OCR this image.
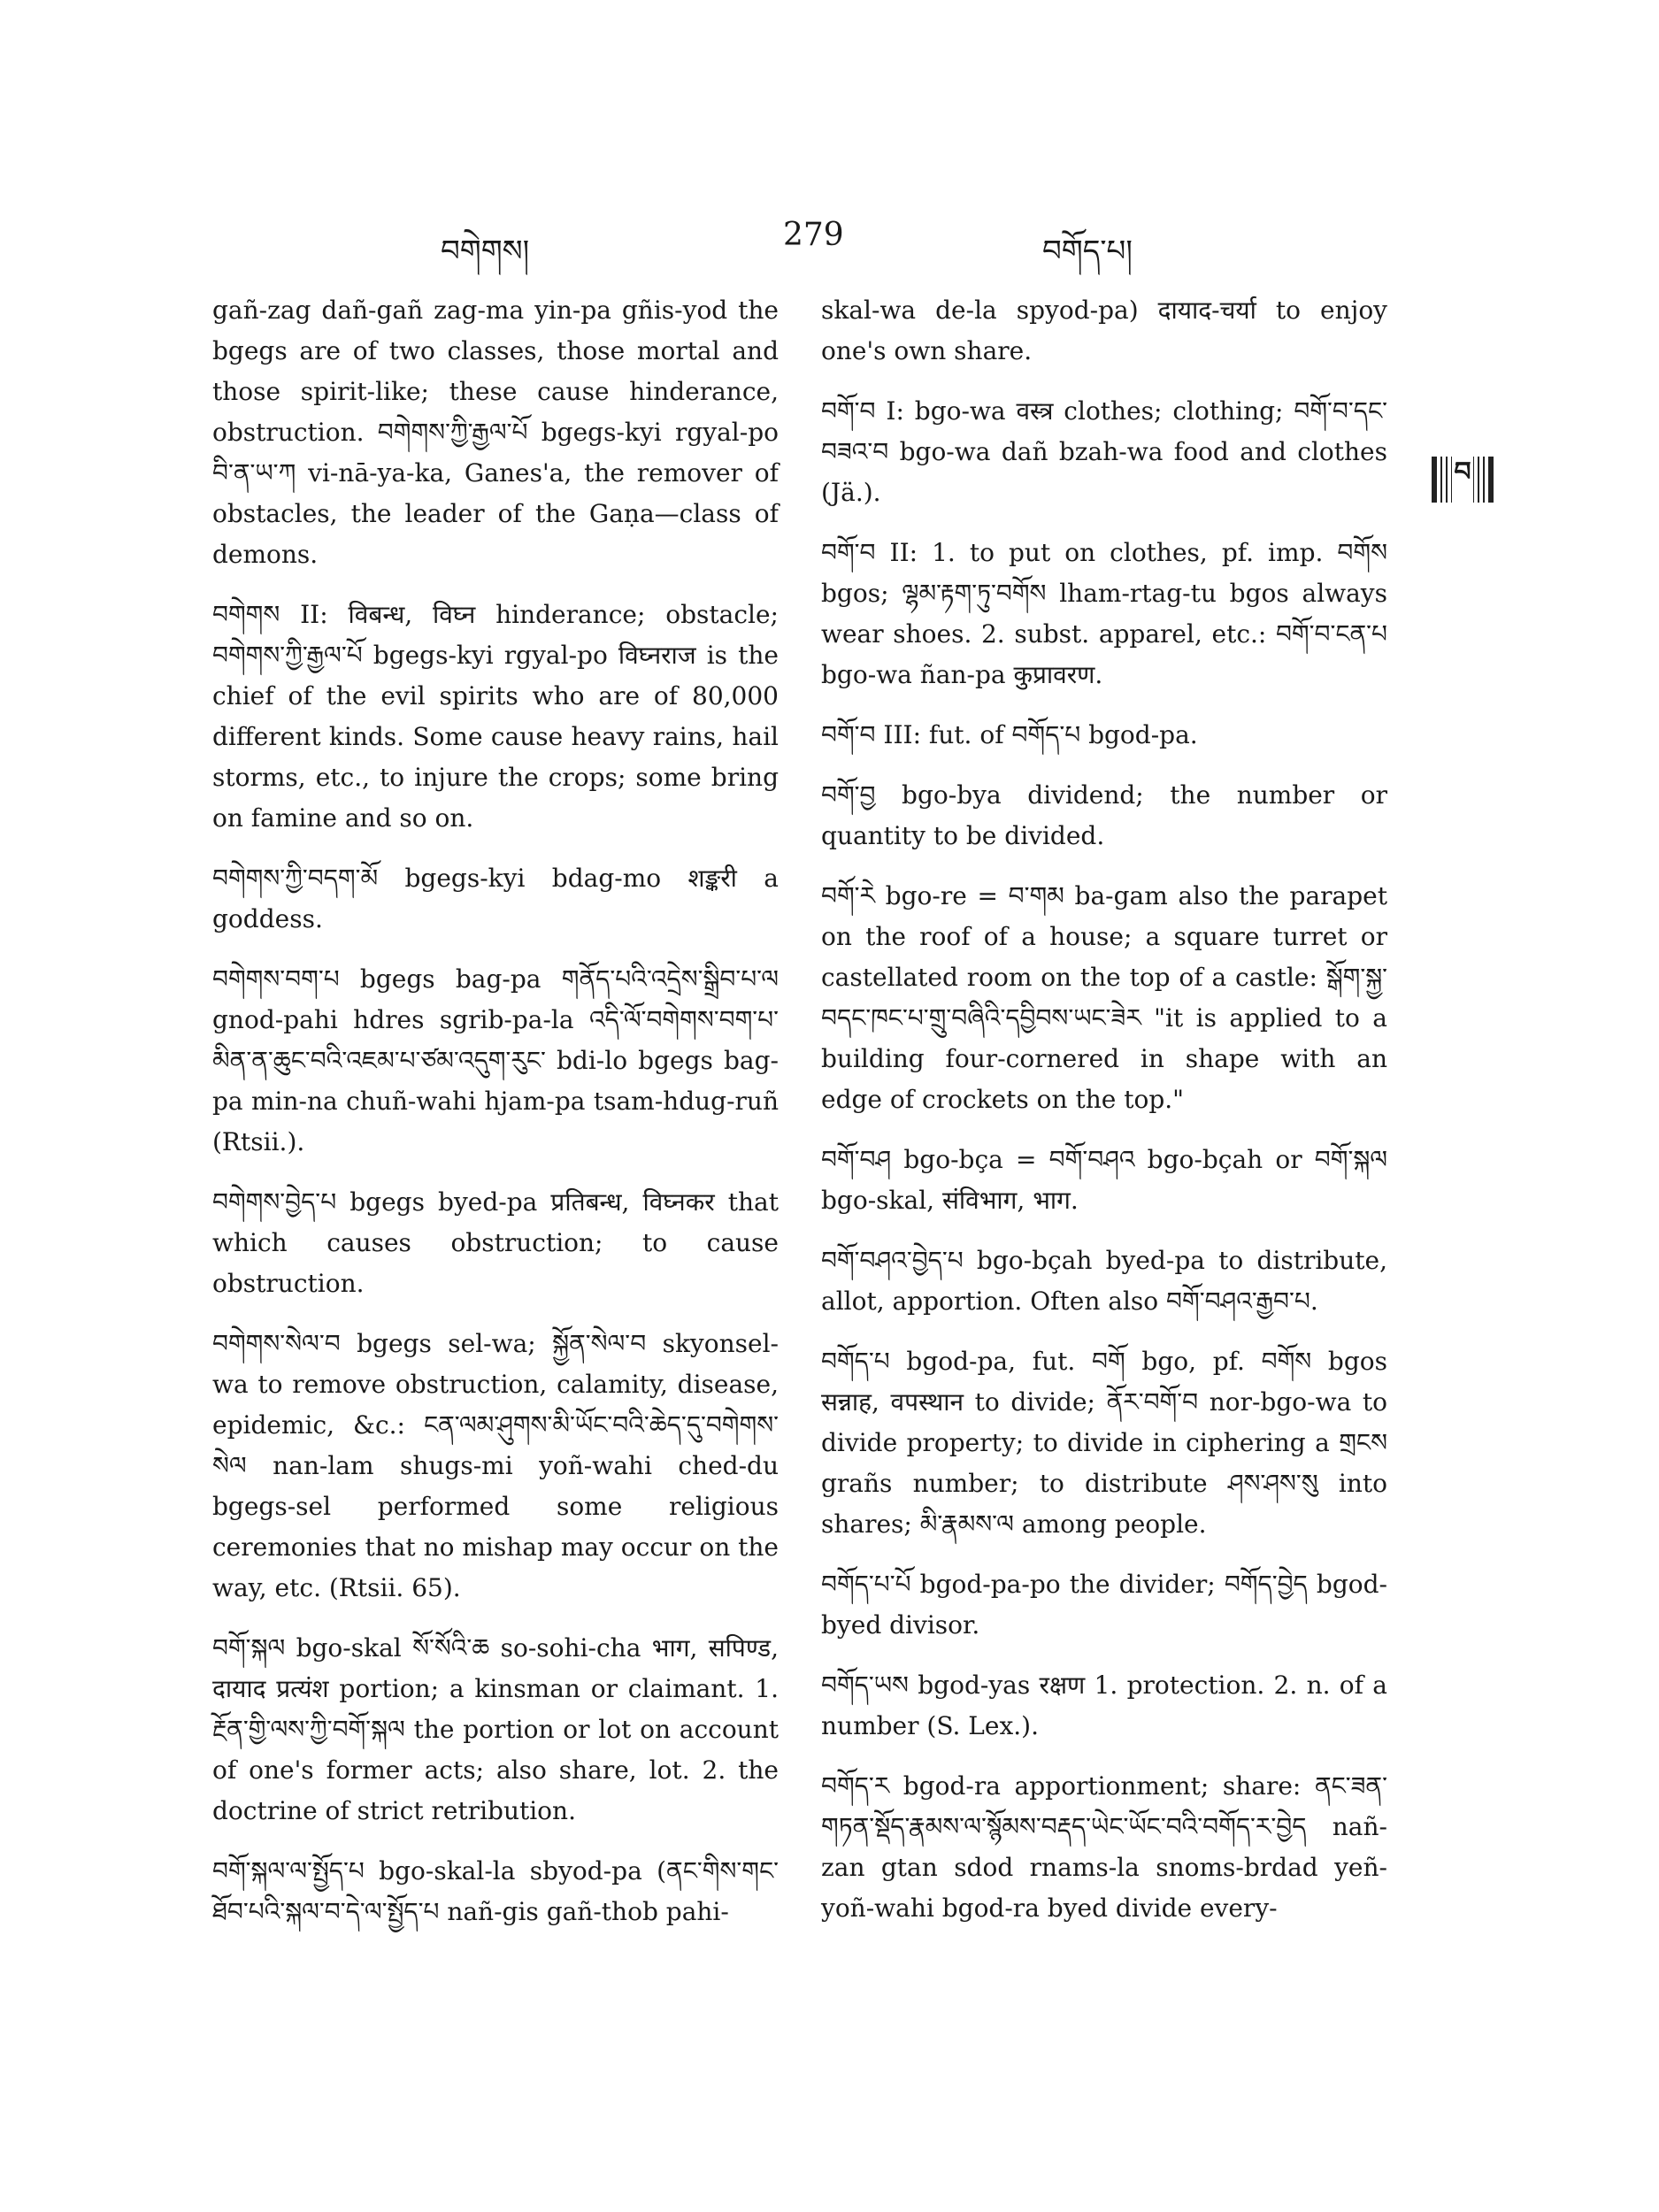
བགེགས།	279	བགོད་པ།
བ

gañ-zag dañ-gañ zag-ma yin-pa gñis-yod the bgegs are of two classes, those mortal and those spirit-like; these cause hinderance, obstruction. བགེགས་ཀྱི་རྒྱལ་པོ bgegs-kyi rgyal-po བི་ན་ཡ་ཀ vi-nā-ya-ka, Ganes'a, the remover of obstacles, the leader of the Gaṇa—class of demons.

བགེགས II: विबन्ध, विघ्न hinderance; obstacle; བགེགས་ཀྱི་རྒྱལ་པོ bgegs-kyi rgyal-po विघ्नराज is the chief of the evil spirits who are of 80,000 different kinds. Some cause heavy rains, hail storms, etc., to injure the crops; some bring on famine and so on.

བགེགས་ཀྱི་བདག་མོ bgegs-kyi bdag-mo शङ्करी a goddess.

བགེགས་བག་པ bgegs bag-pa གནོད་པའི་འདྲེས་སྒྲིབ་པ་ལ gnod-pahi hdres sgrib-pa-la འདི་ལོ་བགེགས་བག་པ་མིན་ན་ཆུང་བའི་འཇམ་པ་ཙམ་འདུག་རུང་ bdi-lo bgegs bag-pa min-na chuñ-wahi hjam-pa tsam-hdug-ruñ (Rtsii.).

བགེགས་བྱེད་པ bgegs byed-pa प्रतिबन्ध, विघ्नकर that which causes obstruction; to cause obstruction.

བགེགས་སེལ་བ bgegs sel-wa; སྐྱོན་སེལ་བ skyonsel-wa to remove obstruction, calamity, disease, epidemic, &c.: ངན་ལམ་ཤུགས་མི་ཡོང་བའི་ཆེད་དུ་བགེགས་སེལ nan-lam shugs-mi yoñ-wahi ched-du bgegs-sel performed some religious ceremonies that no mishap may occur on the way, etc. (Rtsii. 65).

བགོ་སྐལ bgo-skal སོ་སོའི་ཆ so-sohi-cha भाग, सपिण्ड, दायाद प्रत्यंश portion; a kinsman or claimant. 1. རྔོན་གྱི་ལས་ཀྱི་བགོ་སྐལ the portion or lot on account of one's former acts; also share, lot. 2. the doctrine of strict retribution.

བགོ་སྐལ་ལ་སྤྱོད་པ bgo-skal-la sbyod-pa (ནང་གིས་གང་ཐོབ་པའི་སྐལ་བ་དེ་ལ་སྤྱོད་པ nañ-gis gañ-thob pahi-

skal-wa de-la spyod-pa) दायाद-चर्या to enjoy one's own share.

བགོ་བ I: bgo-wa वस्त्र clothes; clothing; བགོ་བ་དང་བཟའ་བ bgo-wa dañ bzah-wa food and clothes (Jä.).

བགོ་བ II: 1. to put on clothes, pf. imp. བགོས bgos; ལྷམ་རྟག་ཏུ་བགོས lham-rtag-tu bgos always wear shoes. 2. subst. apparel, etc.: བགོ་བ་ངན་པ bgo-wa ñan-pa कुप्रावरण.

བགོ་བ III: fut. of བགོད་པ bgod-pa.

བགོ་བྱ bgo-bya dividend; the number or quantity to be divided.

བགོ་རེ bgo-re = བ་གམ ba-gam also the parapet on the roof of a house; a square turret or castellated room on the top of a castle: སྒོག་སྐྱ་བདང་ཁང་པ་གྲུ་བཞིའི་དབྱིབས་ཡང་ཟེར "it is applied to a building four-cornered in shape with an edge of crockets on the top."

བགོ་བཤ bgo-bça = བགོ་བཤའ bgo-bçah or བགོ་སྐལ bgo-skal, संविभाग, भाग.

བགོ་བཤའ་བྱེད་པ bgo-bçah byed-pa to distribute, allot, apportion. Often also བགོ་བཤའ་རྒྱབ་པ.

བགོད་པ bgod-pa, fut. བགོ bgo, pf. བགོས bgos सन्नाह, वपस्थान to divide; ནོར་བགོ་བ nor-bgo-wa to divide property; to divide in ciphering a གྲངས grañs number; to distribute ཤས་ཤས་སུ into shares; མི་རྣམས་ལ among people.

བགོད་པ་པོ bgod-pa-po the divider; བགོད་བྱེད bgod-byed divisor.

བགོད་ཡས bgod-yas रक्षण 1. protection. 2. n. of a number (S. Lex.).

བགོད་ར bgod-ra apportionment; share: ནང་ཟན་གཏན་སྡོད་རྣམས་ལ་སྙོམས་བརྡད་ཡེང་ཡོང་བའི་བགོད་ར་བྱེད nañ-zan gtan sdod rnams-la snoms-brdad yeñ-yoñ-wahi bgod-ra byed divide every-
